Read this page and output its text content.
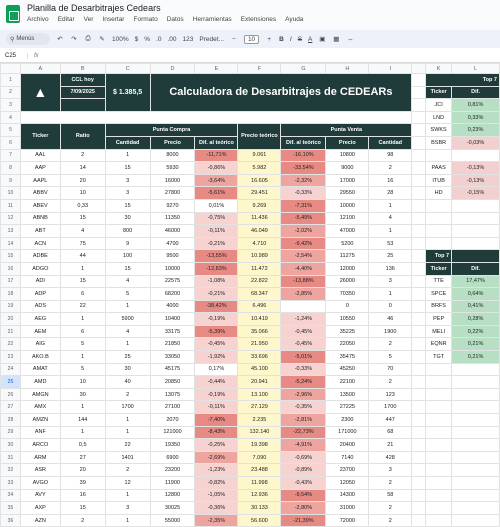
Planilla de Desarbitrajes Cedears
Archivo Editar Ver Insertar Formato Datos Herramientas Extensiones Ayuda
⚲ Menús	↶ ↷ ⎙ ✎ 100% $ % .0 .00 123 Predet...	−	10	+	B I S A ▣ ▦ ⇔
C25	fx
	A	B	C	D	E	F	G	H	I		K	L
1	▲	CCL hoy	$ 1.385,5	Calculadora de Desarbitrajes de CEDEARs							Top 7	
2		7/09/2025									Ticker	Dif.
3											JCI	0,81%
4											LND	0,33%
5	Ticker	Ratio	Punta Compra			Precio teórico	Punta Venta				SWKS	0,23%
6			Cantidad	Precio	Dif. al teórico		Dif. al teórico	Precio	Cantidad		BSBR	-0,03%
7	AAL	2	1	8000	-11,71%	9.061	-16,10%	10800	98			
8	AAP	14	15	5930	-0,86%	5.982	-33,54%	9000	2		PAAS	-0,13%
9	AAPL	20	3	16000	-3,64%	16.605	-2,32%	17000	16		ITUB	-0,13%
10	ABBV	10	3	27800	-5,61%	29.451	-0,33%	29550	28		HD	-0,15%
11	ABEV	0,33	15	9270	0,01%	9.269	-7,31%	10000	1			
12	ABNB	15	30	11350	-0,75%	11.436	-5,49%	12100	4			
13	ABT	4	800	46000	-0,11%	46.049	-2,02%	47000	1			
14	ACN	75	9	4700	-0,21%	4.710	-9,42%	5200	53			
15	ADBE	44	100	9500	-13,55%	10.989	-2,54%	11275	25		Top 7	
16	ADGO	1	15	10000	-12,83%	11.472	-4,40%	12000	136		Ticker	Dif.
17	ADI	15	4	22575	-1,08%	22.822	-13,88%	26000	3		TTE	17,47%
18	ADP	6	5	68200	-0,21%	68.347	-2,85%	70350	1		SPCE	0,64%
19	ADS	22	1	4000	-38,42%	6.496		0	0		BRFS	0,41%
20	AEG	1	5900	10400	-0,19%	10.419	-1,24%	10550	46		PEP	0,28%
21	AEM	6	4	33175	-5,39%	35.066	-0,45%	35225	1900		MELI	0,22%
22	AIG	5	1	21850	-0,45%	21.950	-0,45%	22050	2		EQNR	0,21%
23	AKO.B	1	25	33050	-1,92%	33.696	-5,01%	35475	5		TGT	0,21%
24	AMAT	5	30	45175	0,17%	45.100	-0,33%	45250	70			
25	AMD	10	40	20850	-0,44%	20.941	-5,24%	22100	2			
26	AMGN	30	2	13075	-0,19%	13.100	-2,96%	13500	123			
27	AMX	1	1700	27100	-0,11%	27.129	-0,35%	27225	1700			
28	AMZN	144	1	2070	-7,40%	2.235	-2,81%	2300	447			
29	ANF	1	1	121000	-8,43%	132.140	-22,73%	171000	68			
30	ARCO	0,5	22	19350	-0,25%	19.398	-4,91%	20400	21			
31	ARM	27	1401	6900	-2,69%	7.090	-0,69%	7140	428			
32	ASR	20	2	23200	-1,23%	23.488	-0,89%	23700	3			
33	AVGO	39	12	11900	-0,82%	11.998	-0,43%	12050	2			
34	AVY	16	1	12800	-1,05%	12.936	-9,54%	14300	58			
35	AXP	15	3	30025	-0,36%	30.133	-2,80%	31000	2			
36	AZN	2	1	55000	-2,35%	56.600	-21,39%	72000	2			
